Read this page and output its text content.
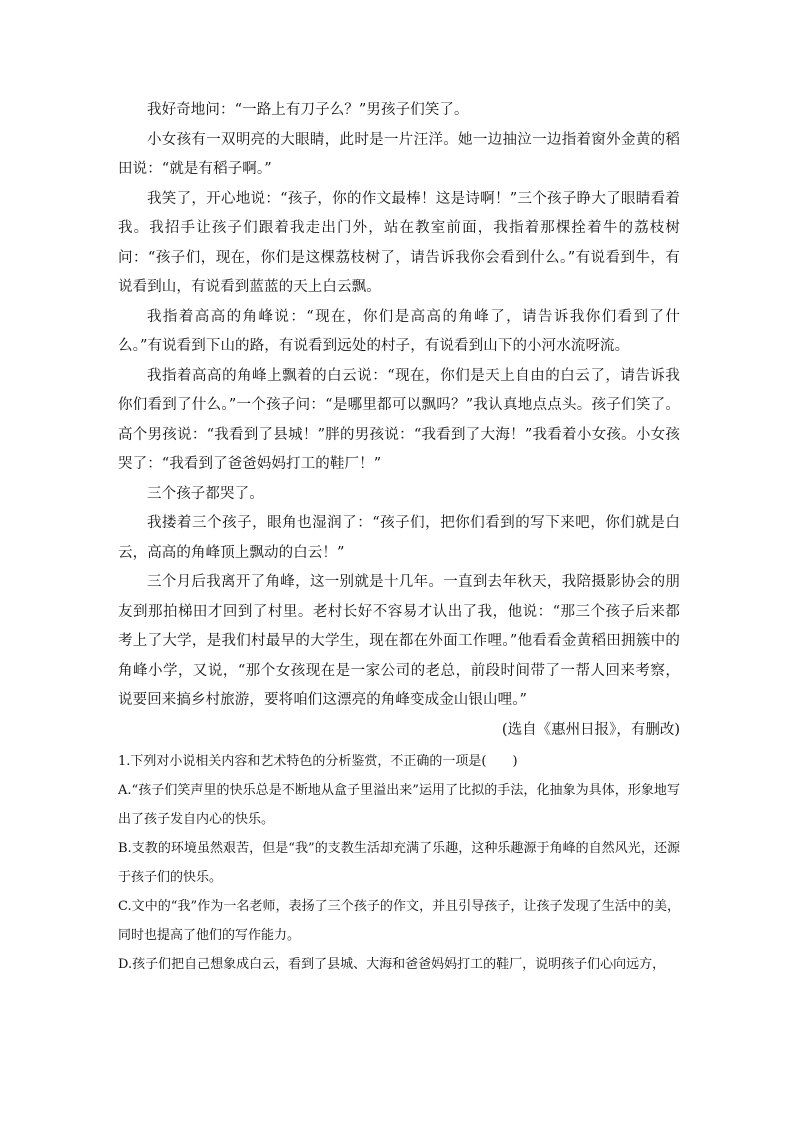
我好奇地问：“一路上有刀子么？”男孩子们笑了。

小女孩有一双明亮的大眼睛，此时是一片汪洋。她一边抽泣一边指着窗外金黄的稻田说：“就是有稻子啊。”

我笑了，开心地说：“孩子，你的作文最棒！这是诗啊！”三个孩子睁大了眼睛看着我。我招手让孩子们跟着我走出门外，站在教室前面，我指着那棵拴着牛的荔枝树问：“孩子们，现在，你们是这棵荔枝树了，请告诉我你会看到什么。”有说看到牛，有说看到山，有说看到蓝蓝的天上白云飘。

我指着高高的角峰说：“现在，你们是高高的角峰了，请告诉我你们看到了什么。”有说看到下山的路，有说看到远处的村子，有说看到山下的小河水流呀流。

我指着高高的角峰上飘着的白云说：“现在，你们是天上自由的白云了，请告诉我你们看到了什么。”一个孩子问：“是哪里都可以飘吗？”我认真地点点头。孩子们笑了。高个男孩说：“我看到了县城！”胖的男孩说：“我看到了大海！”我看着小女孩。小女孩哭了：“我看到了爸爸妈妈打工的鞋厂！”

三个孩子都哭了。

我搂着三个孩子，眼角也湿润了：“孩子们，把你们看到的写下来吧，你们就是白云，高高的角峰顶上飘动的白云！”

三个月后我离开了角峰，这一别就是十几年。一直到去年秋天，我陪摄影协会的朋友到那拍梯田才回到了村里。老村长好不容易才认出了我，他说：“那三个孩子后来都考上了大学，是我们村最早的大学生，现在都在外面工作哩。”他看看金黄稻田拥簇中的角峰小学，又说，“那个女孩现在是一家公司的老总，前段时间带了一帮人回来考察，说要回来搞乡村旅游，要将咱们这漂亮的角峰变成金山银山哩。”

(选自《惠州日报》，有删改)

1.下列对小说相关内容和艺术特色的分析鉴赏，不正确的一项是(　　)

A.“孩子们笑声里的快乐总是不断地从盒子里溢出来”运用了比拟的手法，化抽象为具体，形象地写出了孩子发自内心的快乐。

B.支教的环境虽然艰苦，但是“我”的支教生活却充满了乐趣，这种乐趣源于角峰的自然风光，还源于孩子们的快乐。

C.文中的“我”作为一名老师，表扬了三个孩子的作文，并且引导孩子，让孩子发现了生活中的美，同时也提高了他们的写作能力。

D.孩子们把自己想象成白云，看到了县城、大海和爸爸妈妈打工的鞋厂，说明孩子们心向远方，
